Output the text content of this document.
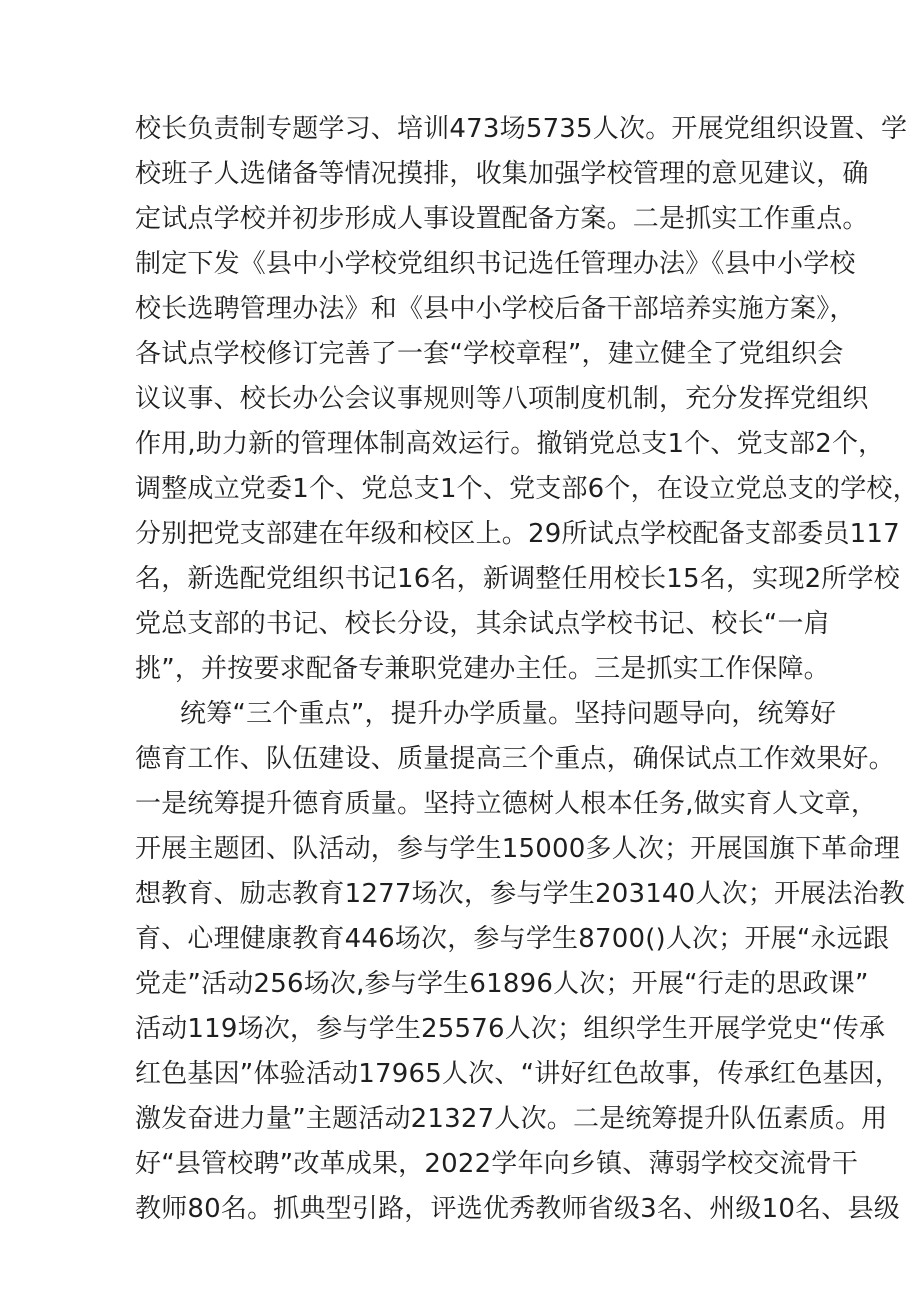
校长负责制专题学习、培训473场5735人次。开展党组织设置、学
校班子人选储备等情况摸排，收集加强学校管理的意见建议，确
定试点学校并初步形成人事设置配备方案。二是抓实工作重点。
制定下发《县中小学校党组织书记选任管理办法》《县中小学校
校长选聘管理办法》和《县中小学校后备干部培养实施方案》，
各试点学校修订完善了一套“学校章程”，建立健全了党组织会
议议事、校长办公会议事规则等八项制度机制，充分发挥党组织
作用,助力新的管理体制高效运行。撤销党总支1个、党支部2个，
调整成立党委1个、党总支1个、党支部6个，在设立党总支的学校，
分别把党支部建在年级和校区上。29所试点学校配备支部委员117
名，新选配党组织书记16名，新调整任用校长15名，实现2所学校
党总支部的书记、校长分设，其余试点学校书记、校长“一肩
挑”，并按要求配备专兼职党建办主任。三是抓实工作保障。
统筹“三个重点”，提升办学质量。坚持问题导向，统筹好
德育工作、队伍建设、质量提高三个重点，确保试点工作效果好。
一是统筹提升德育质量。坚持立德树人根本任务,做实育人文章，
开展主题团、队活动，参与学生15000多人次；开展国旗下革命理
想教育、励志教育1277场次，参与学生203140人次；开展法治教
育、心理健康教育446场次，参与学生8700()人次；开展“永远跟
党走”活动256场次,参与学生61896人次；开展“行走的思政课”
活动119场次，参与学生25576人次；组织学生开展学党史“传承
红色基因”体验活动17965人次、“讲好红色故事，传承红色基因，
激发奋进力量”主题活动21327人次。二是统筹提升队伍素质。用
好“县管校聘”改革成果，2022学年向乡镇、薄弱学校交流骨干
教师80名。抓典型引路，评选优秀教师省级3名、州级10名、县级
